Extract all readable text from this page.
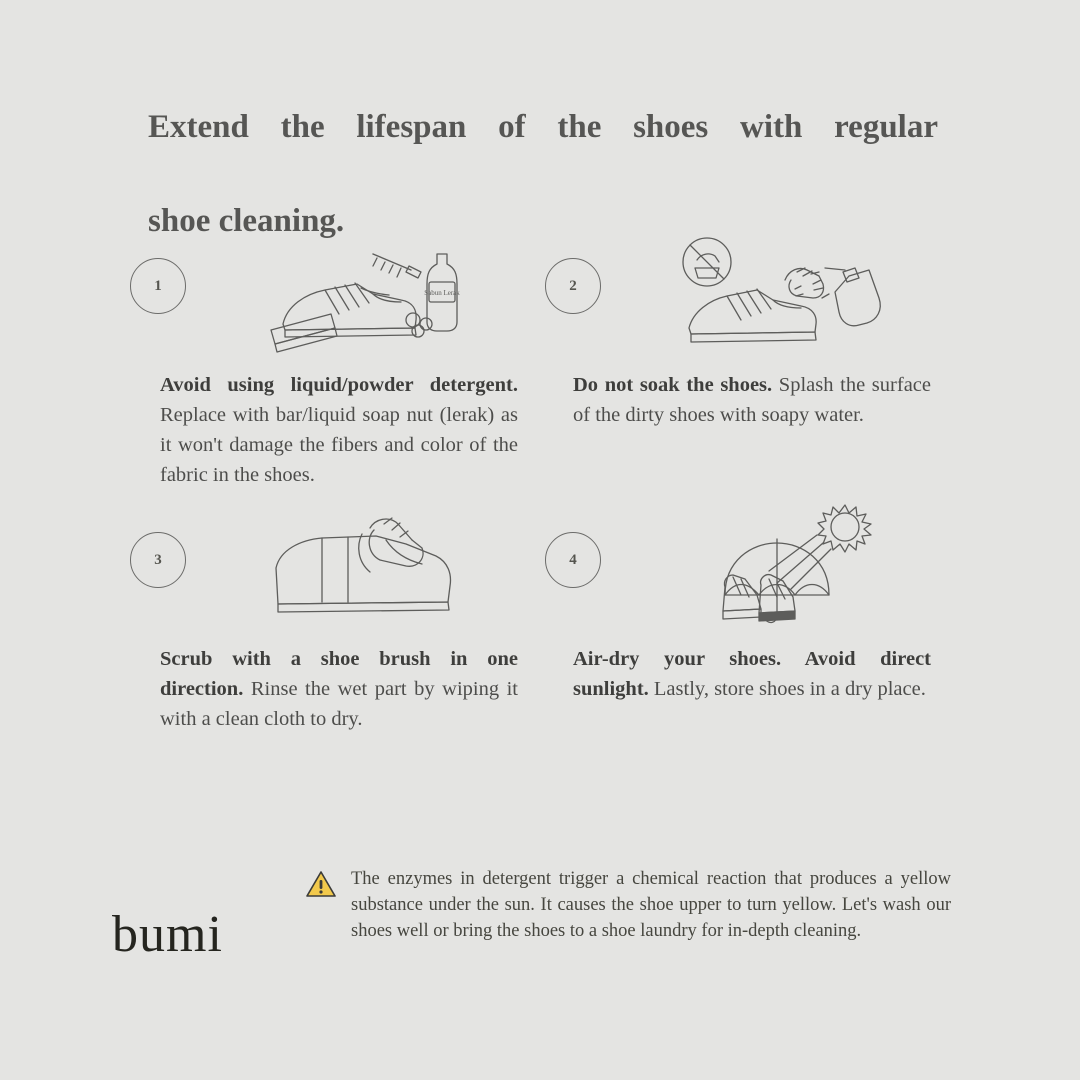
Extend the lifespan of the shoes with regular
shoe cleaning.
1	Sabun Lerak
Avoid using liquid/powder detergent. Replace with bar/liquid soap nut (lerak) as it won't damage the fibers and color of the fabric in the shoes.
2
Do not soak the shoes. Splash the surface of the dirty shoes with soapy water.
3
Scrub with a shoe brush in one direction. Rinse the wet part by wiping it with a clean cloth to dry.
4
Air-dry your shoes. Avoid direct sunlight. Lastly, store shoes in a dry place.
The enzymes in detergent trigger a chemical reaction that produces a yellow substance under the sun. It causes the shoe upper to turn yellow. Let's wash our shoes well or bring the shoes to a shoe laundry for in-depth cleaning.
bumi
